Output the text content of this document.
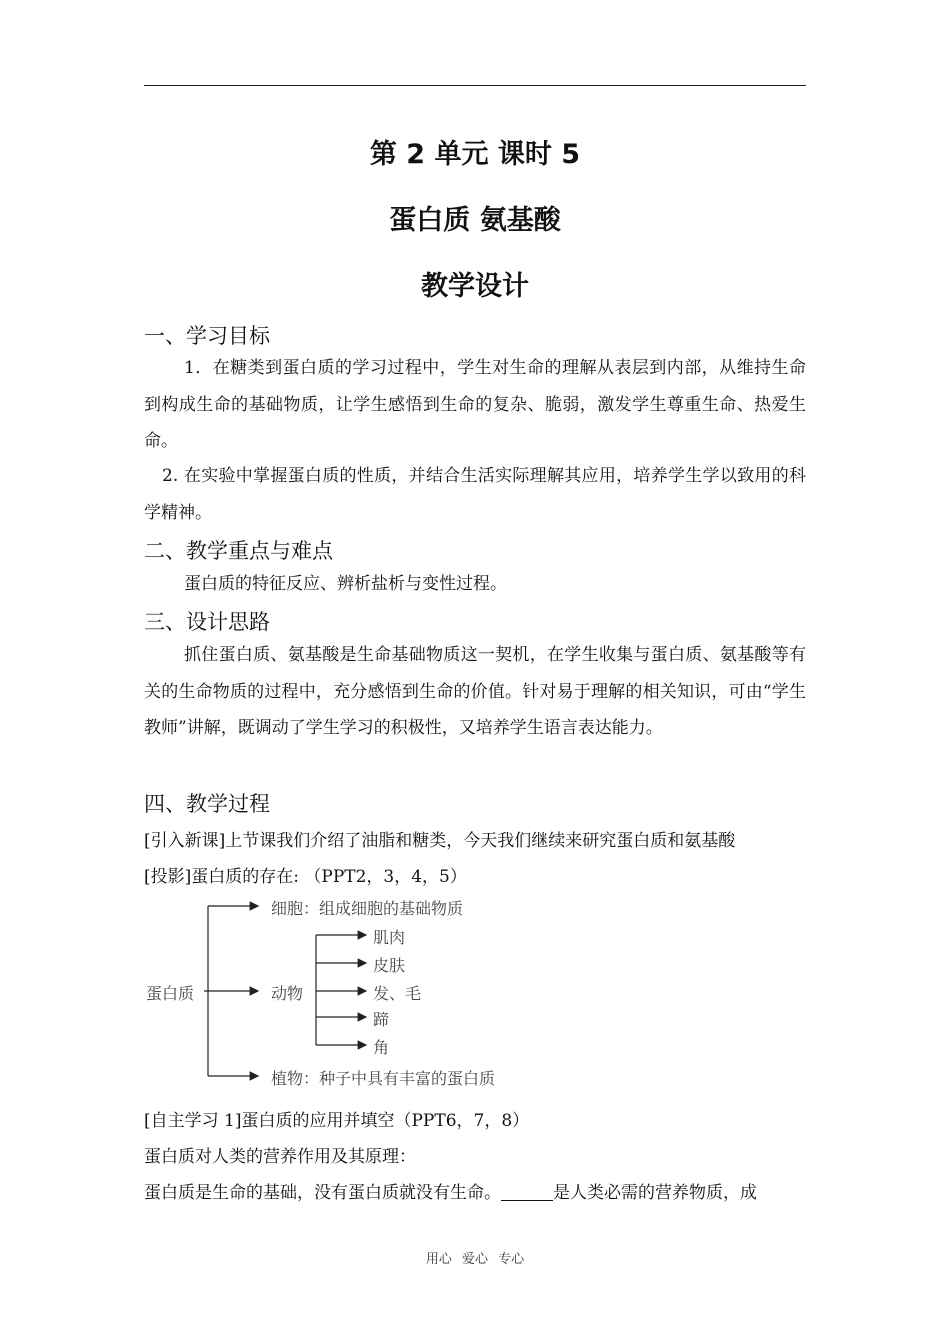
第 2 单元 课时 5
蛋白质 氨基酸
教学设计
一、学习目标
1．在糖类到蛋白质的学习过程中，学生对生命的理解从表层到内部，从维持生命到构成生命的基础物质，让学生感悟到生命的复杂、脆弱，激发学生尊重生命、热爱生命。
2. 在实验中掌握蛋白质的性质，并结合生活实际理解其应用，培养学生学以致用的科学精神。
二、教学重点与难点
蛋白质的特征反应、辨析盐析与变性过程。
三、设计思路
抓住蛋白质、氨基酸是生命基础物质这一契机，在学生收集与蛋白质、氨基酸等有关的生命物质的过程中，充分感悟到生命的价值。针对易于理解的相关知识，可由“学生教师”讲解，既调动了学生学习的积极性，又培养学生语言表达能力。
四、教学过程
[引入新课]上节课我们介绍了油脂和糖类，今天我们继续来研究蛋白质和氨基酸
[投影]蛋白质的存在: （PPT2，3，4，5）
蛋白质
细胞：组成细胞的基础物质
动物
肌肉
皮肤
发、毛
蹄
角
植物：种子中具有丰富的蛋白质
[自主学习 1]蛋白质的应用并填空（PPT6，7，8）
蛋白质对人类的营养作用及其原理：
蛋白质是生命的基础，没有蛋白质就没有生命。	是人类必需的营养物质，成
用心 爱心 专心
